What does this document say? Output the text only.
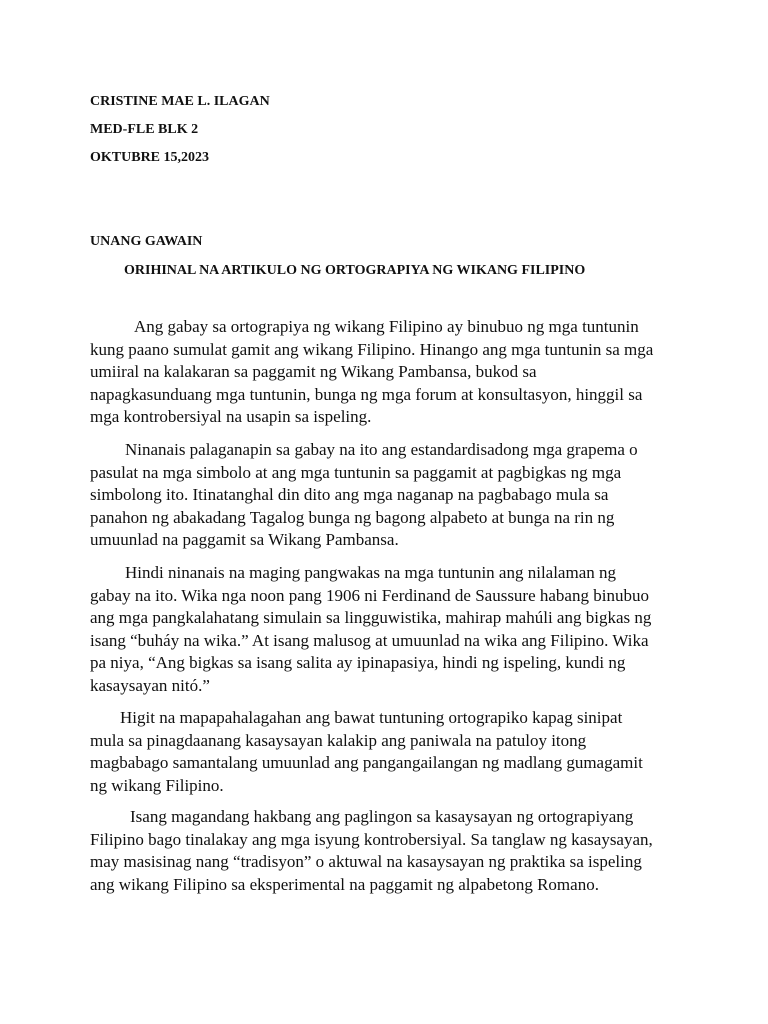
CRISTINE MAE L. ILAGAN
MED-FLE BLK 2
OKTUBRE 15,2023
UNANG GAWAIN
ORIHINAL NA ARTIKULO NG ORTOGRAPIYA NG WIKANG FILIPINO
Ang gabay sa ortograpiya ng wikang Filipino ay binubuo ng mga tuntunin
kung paano sumulat gamit ang wikang Filipino. Hinango ang mga tuntunin sa mga
umiiral na kalakaran sa paggamit ng Wikang Pambansa, bukod sa
napagkasunduang mga tuntunin, bunga ng mga forum at konsultasyon, hinggil sa
mga kontrobersiyal na usapin sa ispeling.
Ninanais palaganapin sa gabay na ito ang estandardisadong mga grapema o
pasulat na mga simbolo at ang mga tuntunin sa paggamit at pagbigkas ng mga
simbolong ito. Itinatanghal din dito ang mga naganap na pagbabago mula sa
panahon ng abakadang Tagalog bunga ng bagong alpabeto at bunga na rin ng
umuunlad na paggamit sa Wikang Pambansa.
Hindi ninanais na maging pangwakas na mga tuntunin ang nilalaman ng
gabay na ito. Wika nga noon pang 1906 ni Ferdinand de Saussure habang binubuo
ang mga pangkalahatang simulain sa lingguwistika, mahirap mahúli ang bigkas ng
isang “buháy na wika.” At isang malusog at umuunlad na wika ang Filipino. Wika
pa niya, “Ang bigkas sa isang salita ay ipinapasiya, hindi ng ispeling, kundi ng
kasaysayan nitó.”
Higit na mapapahalagahan ang bawat tuntuning ortograpiko kapag sinipat
mula sa pinagdaanang kasaysayan kalakip ang paniwala na patuloy itong
magbabago samantalang umuunlad ang pangangailangan ng madlang gumagamit
ng wikang Filipino.
Isang magandang hakbang ang paglingon sa kasaysayan ng ortograpiyang
Filipino bago tinalakay ang mga isyung kontrobersiyal. Sa tanglaw ng kasaysayan,
may masisinag nang “tradisyon” o aktuwal na kasaysayan ng praktika sa ispeling
ang wikang Filipino sa eksperimental na paggamit ng alpabetong Romano.
